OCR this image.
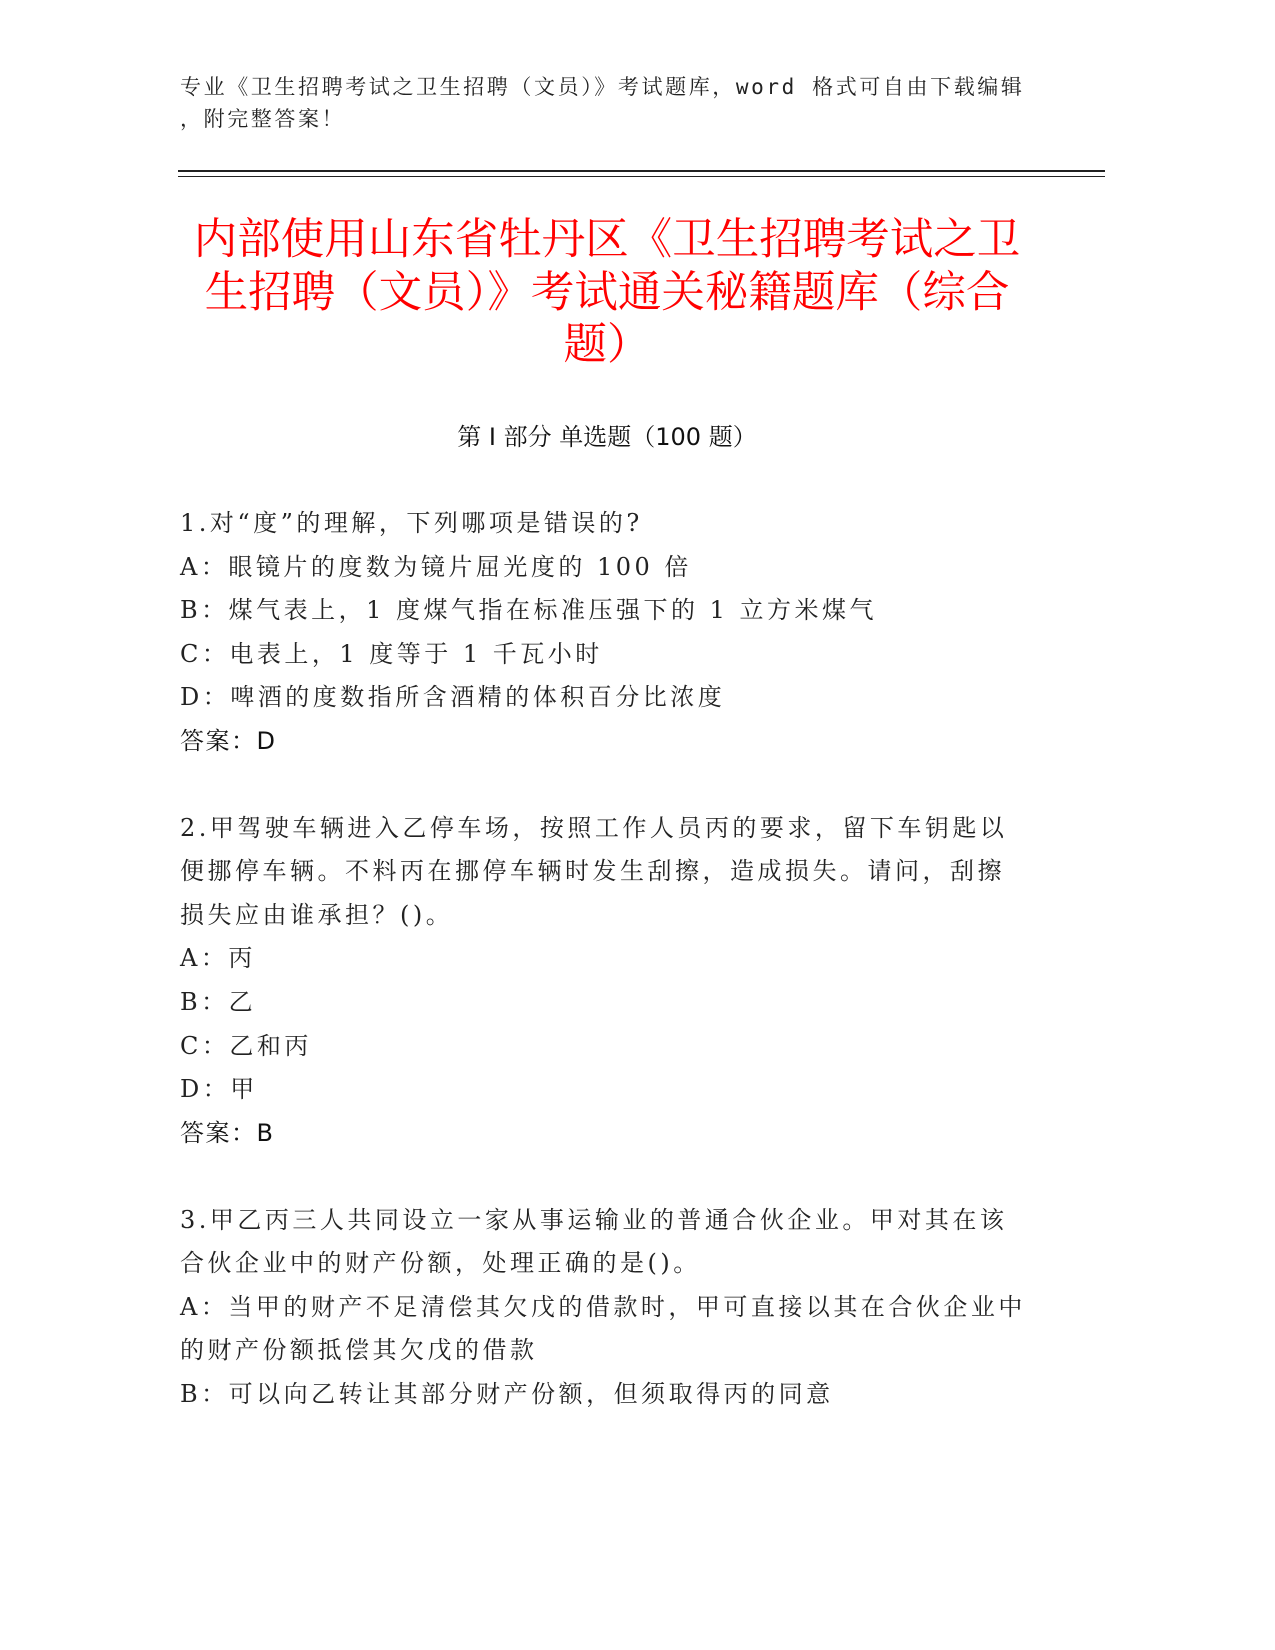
专业《卫生招聘考试之卫生招聘（文员）》考试题库，word 格式可自由下载编辑，附完整答案！
内部使用山东省牡丹区《卫生招聘考试之卫生招聘（文员）》考试通关秘籍题库（综合题）
第 I 部分 单选题（100 题）
1.对“度”的理解，下列哪项是错误的?
A：眼镜片的度数为镜片屈光度的 100 倍
B：煤气表上，1 度煤气指在标准压强下的 1 立方米煤气
C：电表上，1 度等于 1 千瓦小时
D：啤酒的度数指所含酒精的体积百分比浓度
答案：D
2.甲驾驶车辆进入乙停车场，按照工作人员丙的要求，留下车钥匙以便挪停车辆。不料丙在挪停车辆时发生刮擦，造成损失。请问，刮擦损失应由谁承担？()。
A：丙
B：乙
C：乙和丙
D：甲
答案：B
3.甲乙丙三人共同设立一家从事运输业的普通合伙企业。甲对其在该合伙企业中的财产份额，处理正确的是()。
A：当甲的财产不足清偿其欠戊的借款时，甲可直接以其在合伙企业中的财产份额抵偿其欠戊的借款
B：可以向乙转让其部分财产份额，但须取得丙的同意
